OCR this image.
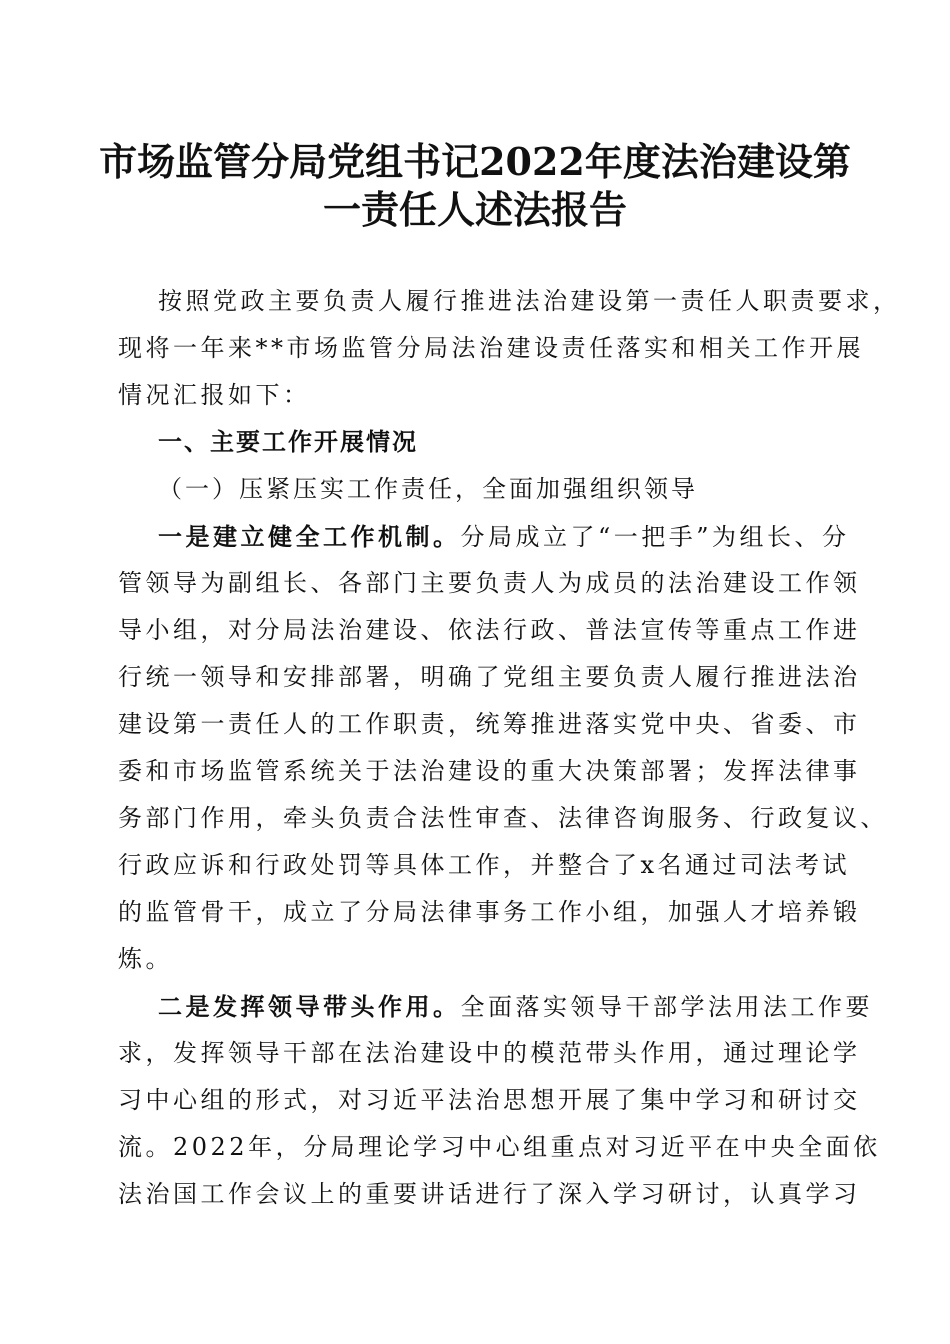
市场监管分局党组书记2022年度法治建设第
一责任人述法报告
按照党政主要负责人履行推进法治建设第一责任人职责要求，
现将一年来**市场监管分局法治建设责任落实和相关工作开展
情况汇报如下：
一、主要工作开展情况
（一）压紧压实工作责任，全面加强组织领导
一是建立健全工作机制。分局成立了“一把手”为组长、分
管领导为副组长、各部门主要负责人为成员的法治建设工作领
导小组，对分局法治建设、依法行政、普法宣传等重点工作进
行统一领导和安排部署，明确了党组主要负责人履行推进法治
建设第一责任人的工作职责，统筹推进落实党中央、省委、市
委和市场监管系统关于法治建设的重大决策部署；发挥法律事
务部门作用，牵头负责合法性审查、法律咨询服务、行政复议、
行政应诉和行政处罚等具体工作，并整合了x名通过司法考试
的监管骨干，成立了分局法律事务工作小组，加强人才培养锻
炼。
二是发挥领导带头作用。全面落实领导干部学法用法工作要
求，发挥领导干部在法治建设中的模范带头作用，通过理论学
习中心组的形式，对习近平法治思想开展了集中学习和研讨交
流。2022年，分局理论学习中心组重点对习近平在中央全面依
法治国工作会议上的重要讲话进行了深入学习研讨，认真学习
